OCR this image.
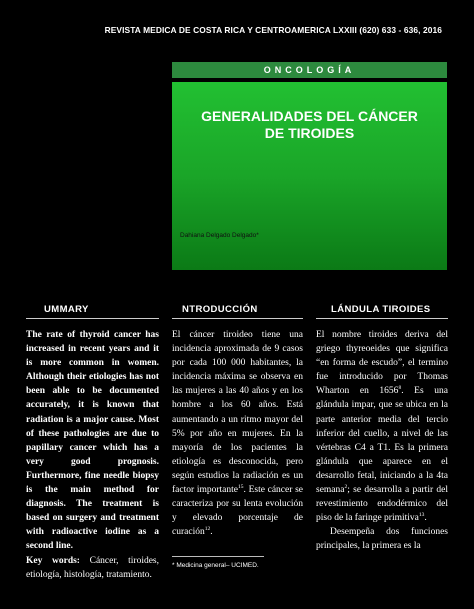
REVISTA MEDICA DE COSTA RICA Y CENTROAMERICA LXXIII (620) 633 - 636, 2016
ONCOLOGÍA
GENERALIDADES DEL CÁNCER
DE TIROIDES
Dahiana Delgado Delgado*
UMMARY	NTRODUCCIÓN	LÁNDULA TIROIDES

The rate of thyroid cancer has increased in recent years and it is more common in women. Although their etiologies has not been able to be documented accurately, it is known that radiation is a major cause. Most of these pathologies are due to papillary cancer which has a very good prognosis. Furthermore, fine needle biopsy is the main method for diagnosis. The treatment is based on surgery and treatment with radioactive iodine as a second line.

Key words: Cáncer, tiroides, etiología, histología, tratamiento.

El cáncer tiroideo tiene una incidencia aproximada de 9 casos por cada 100 000 habitantes, la incidencia máxima se observa en las mujeres a las 40 años y en los hombre a los 60 años. Está aumentando a un ritmo mayor del 5% por año en mujeres. En la mayoría de los pacientes la etiología es desconocida, pero según estudios la radiación es un factor importante$^{15}$. Este cáncer se caracteriza por su lenta evolución y elevado porcentaje de curación$^{12}$.

El nombre tiroides deriva del griego thyreoeides que significa “en forma de escudo”, el termino fue introducido por Thomas Wharton en 1656$^8$. Es una glándula impar, que se ubica en la parte anterior media del tercio inferior del cuello, a nivel de las vértebras C4 a T1. Es la primera glándula que aparece en el desarrollo fetal, iniciando a la 4ta semana$^2$; se desarrolla a partir del revestimiento endodérmico del piso de la faringe primitiva$^{13}$.

Desempeña dos funciones principales, la primera es la

* Medicina general– UCIMED.
